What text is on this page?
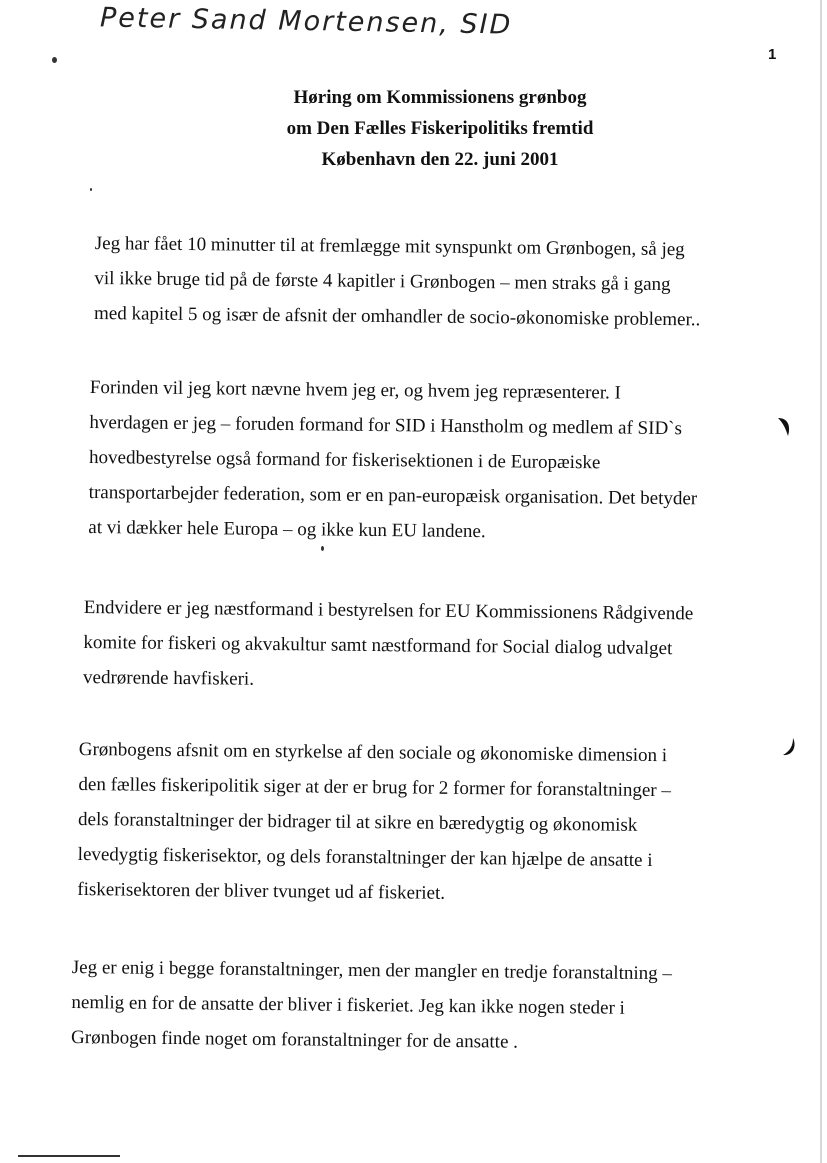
Peter Sand Mortensen, SID
1
Høring om Kommissionens grønbog
om Den Fælles Fiskeripolitiks fremtid
København den 22. juni 2001

Jeg har fået 10 minutter til at fremlægge mit synspunkt om Grønbogen, så jeg
vil ikke bruge tid på de første 4 kapitler i Grønbogen – men straks gå i gang
med kapitel 5 og især de afsnit der omhandler de socio-økonomiske problemer..

Forinden vil jeg kort nævne hvem jeg er, og hvem jeg repræsenterer. I
hverdagen er jeg – foruden formand for SID i Hanstholm og medlem af SID`s
hovedbestyrelse også formand for fiskerisektionen i de Europæiske
transportarbejder federation, som er en pan-europæisk organisation. Det betyder
at vi dækker hele Europa – og ikke kun EU landene.

Endvidere er jeg næstformand i bestyrelsen for EU Kommissionens Rådgivende
komite for fiskeri og akvakultur samt næstformand for Social dialog udvalget
vedrørende havfiskeri.

Grønbogens afsnit om en styrkelse af den sociale og økonomiske dimension i
den fælles fiskeripolitik siger at der er brug for 2 former for foranstaltninger –
dels foranstaltninger der bidrager til at sikre en bæredygtig og økonomisk
levedygtig fiskerisektor, og dels foranstaltninger der kan hjælpe de ansatte i
fiskerisektoren der bliver tvunget ud af fiskeriet.

Jeg er enig i begge foranstaltninger, men der mangler en tredje foranstaltning –
nemlig en for de ansatte der bliver i fiskeriet. Jeg kan ikke nogen steder i
Grønbogen finde noget om foranstaltninger for de ansatte .
